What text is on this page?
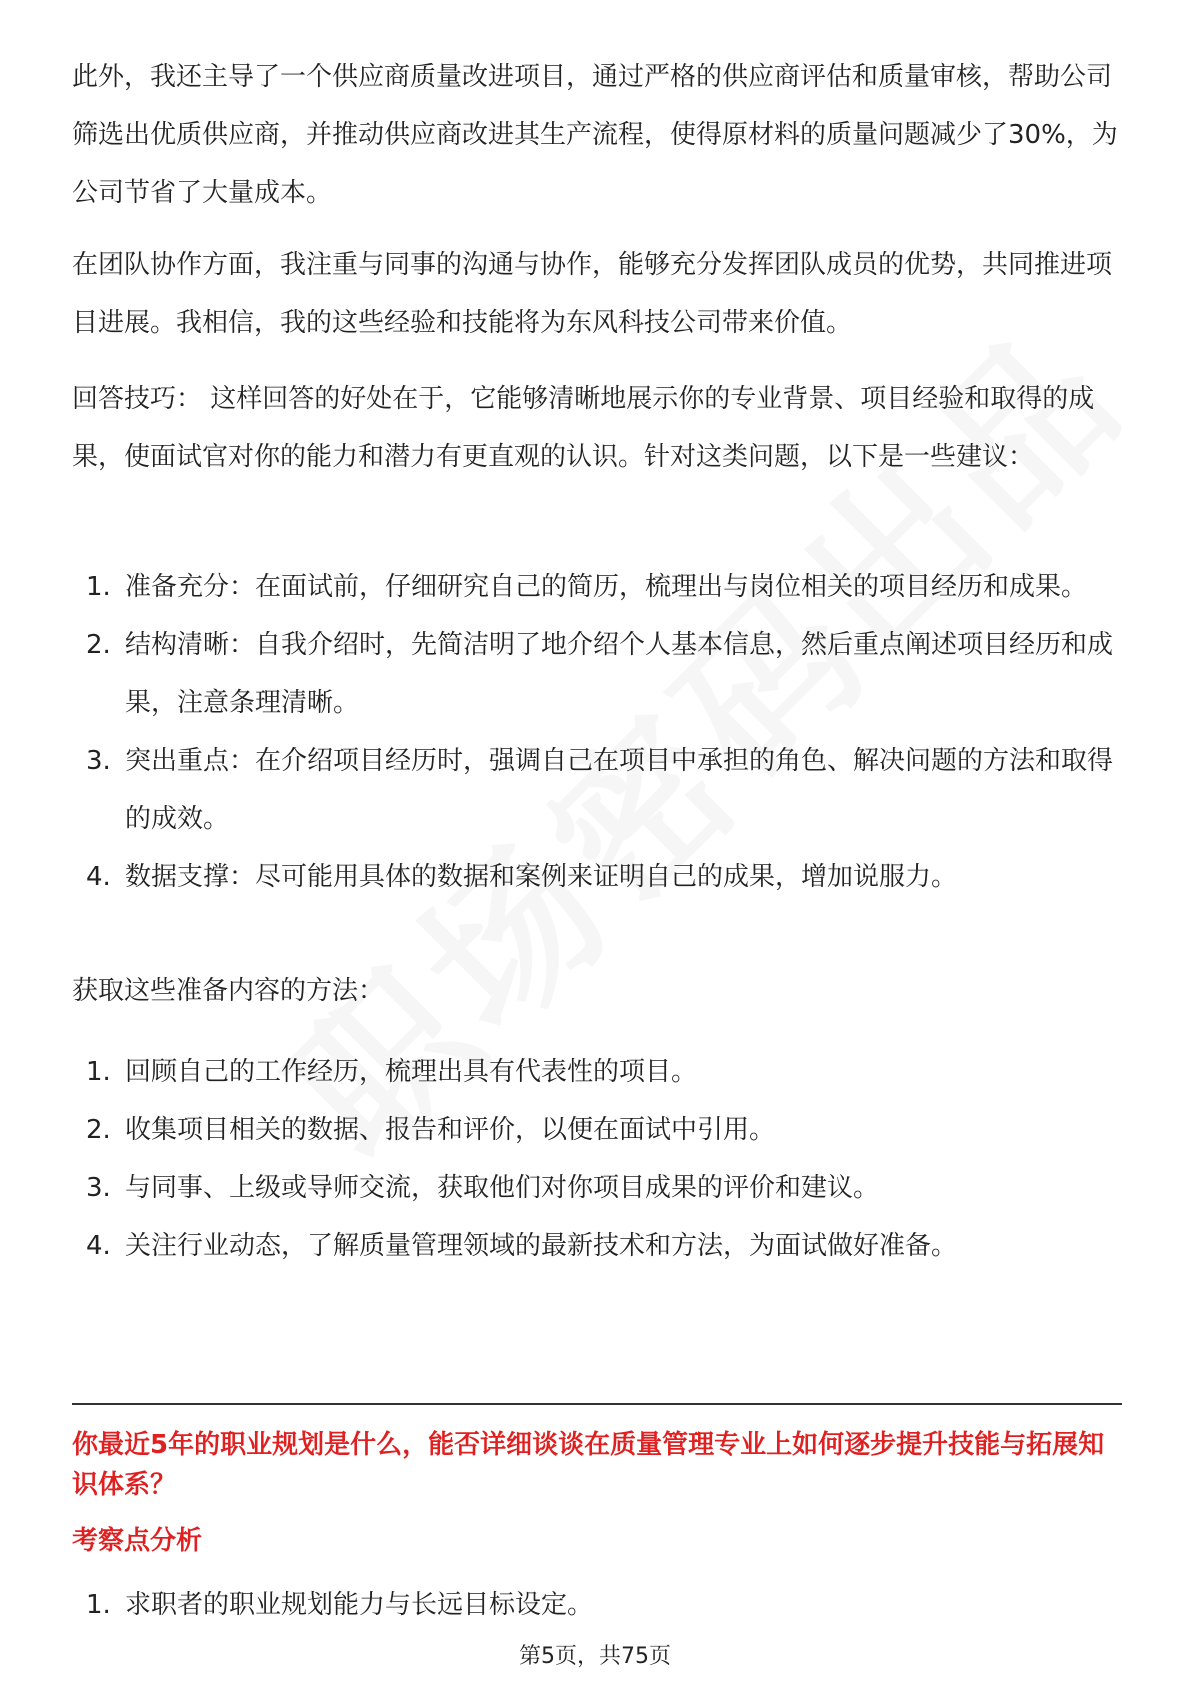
此外，我还主导了一个供应商质量改进项目，通过严格的供应商评估和质量审核，帮助公司筛选出优质供应商，并推动供应商改进其生产流程，使得原材料的质量问题减少了30%，为公司节省了大量成本。

在团队协作方面，我注重与同事的沟通与协作，能够充分发挥团队成员的优势，共同推进项目进展。我相信，我的这些经验和技能将为东风科技公司带来价值。

回答技巧： 这样回答的好处在于，它能够清晰地展示你的专业背景、项目经验和取得的成果，使面试官对你的能力和潜力有更直观的认识。针对这类问题，以下是一些建议：

1. 准备充分：在面试前，仔细研究自己的简历，梳理出与岗位相关的项目经历和成果。
2. 结构清晰：自我介绍时，先简洁明了地介绍个人基本信息，然后重点阐述项目经历和成果，注意条理清晰。
3. 突出重点：在介绍项目经历时，强调自己在项目中承担的角色、解决问题的方法和取得的成效。
4. 数据支撑：尽可能用具体的数据和案例来证明自己的成果，增加说服力。

获取这些准备内容的方法：

1. 回顾自己的工作经历，梳理出具有代表性的项目。
2. 收集项目相关的数据、报告和评价，以便在面试中引用。
3. 与同事、上级或导师交流，获取他们对你项目成果的评价和建议。
4. 关注行业动态，了解质量管理领域的最新技术和方法，为面试做好准备。
你最近5年的职业规划是什么，能否详细谈谈在质量管理专业上如何逐步提升技能与拓展知识体系？
考察点分析
1. 求职者的职业规划能力与长远目标设定。
第5页，共75页
